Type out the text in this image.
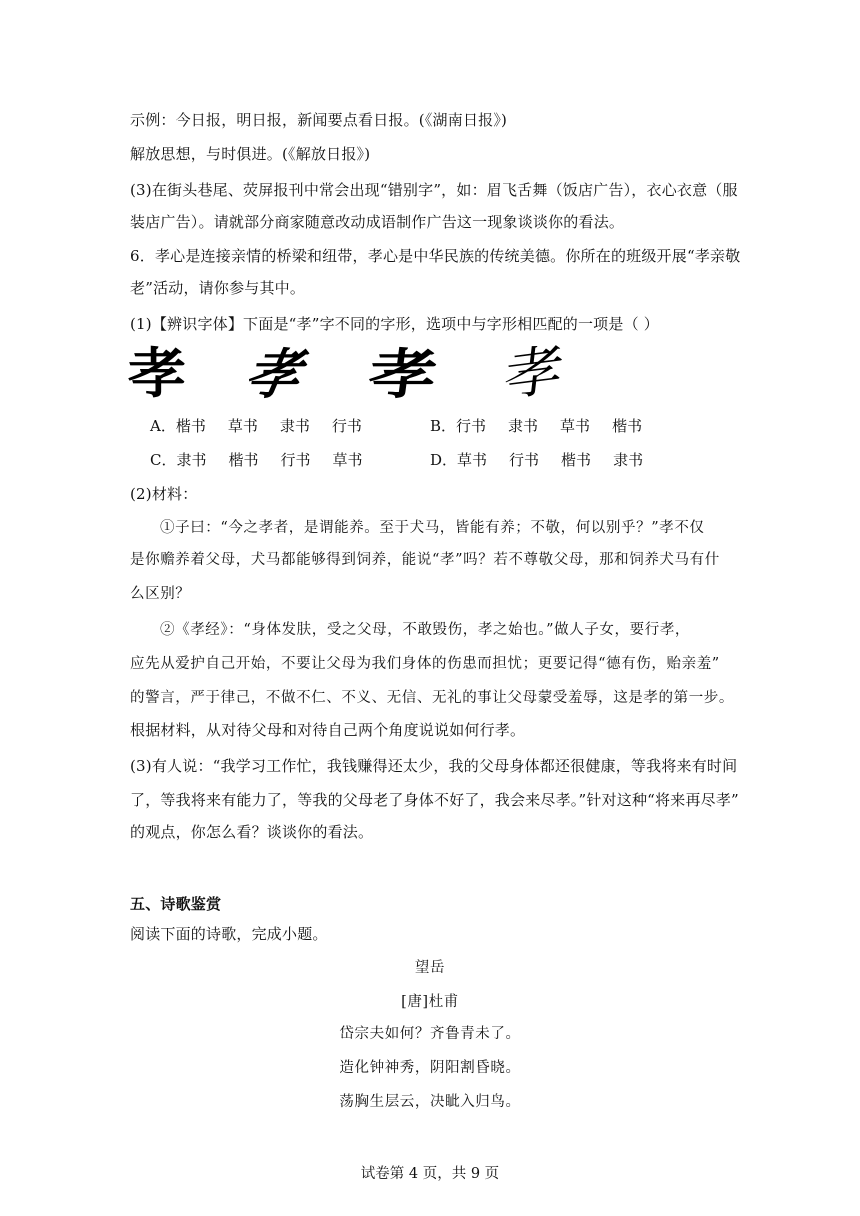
示例：今日报，明日报，新闻要点看日报。(《湖南日报》)
解放思想，与时俱进。(《解放日报》)
(3)在街头巷尾、荧屏报刊中常会出现“错别字”，如：眉飞舌舞（饭店广告），衣心衣意（服
装店广告）。请就部分商家随意改动成语制作广告这一现象谈谈你的看法。
6．孝心是连接亲情的桥梁和纽带，孝心是中华民族的传统美德。你所在的班级开展“孝亲敬
老”活动，请你参与其中。
(1)【辨识字体】下面是“孝”字不同的字形，选项中与字形相匹配的一项是（ ）
孝 孝 孝 孝
A．楷书 草书 隶书 行书	B．行书 隶书 草书 楷书
C．隶书 楷书 行书 草书	D．草书 行书 楷书 隶书
(2)材料：
①子曰：“今之孝者，是谓能养。至于犬马，皆能有养；不敬，何以别乎？”孝不仅
是你赡养着父母，犬马都能够得到饲养，能说“孝”吗？若不尊敬父母，那和饲养犬马有什
么区别？
②《孝经》：“身体发肤，受之父母，不敢毁伤，孝之始也。”做人子女，要行孝，
应先从爱护自己开始，不要让父母为我们身体的伤患而担忧；更要记得“德有伤，贻亲羞”
的警言，严于律己，不做不仁、不义、无信、无礼的事让父母蒙受羞辱，这是孝的第一步。
根据材料，从对待父母和对待自己两个角度说说如何行孝。
(3)有人说：“我学习工作忙，我钱赚得还太少，我的父母身体都还很健康，等我将来有时间
了，等我将来有能力了，等我的父母老了身体不好了，我会来尽孝。”针对这种“将来再尽孝”
的观点，你怎么看？谈谈你的看法。
五、诗歌鉴赏
阅读下面的诗歌，完成小题。
望岳
[唐]杜甫
岱宗夫如何？齐鲁青未了。
造化钟神秀，阴阳割昏晓。
荡胸生层云，决眦入归鸟。
试卷第 4 页，共 9 页
